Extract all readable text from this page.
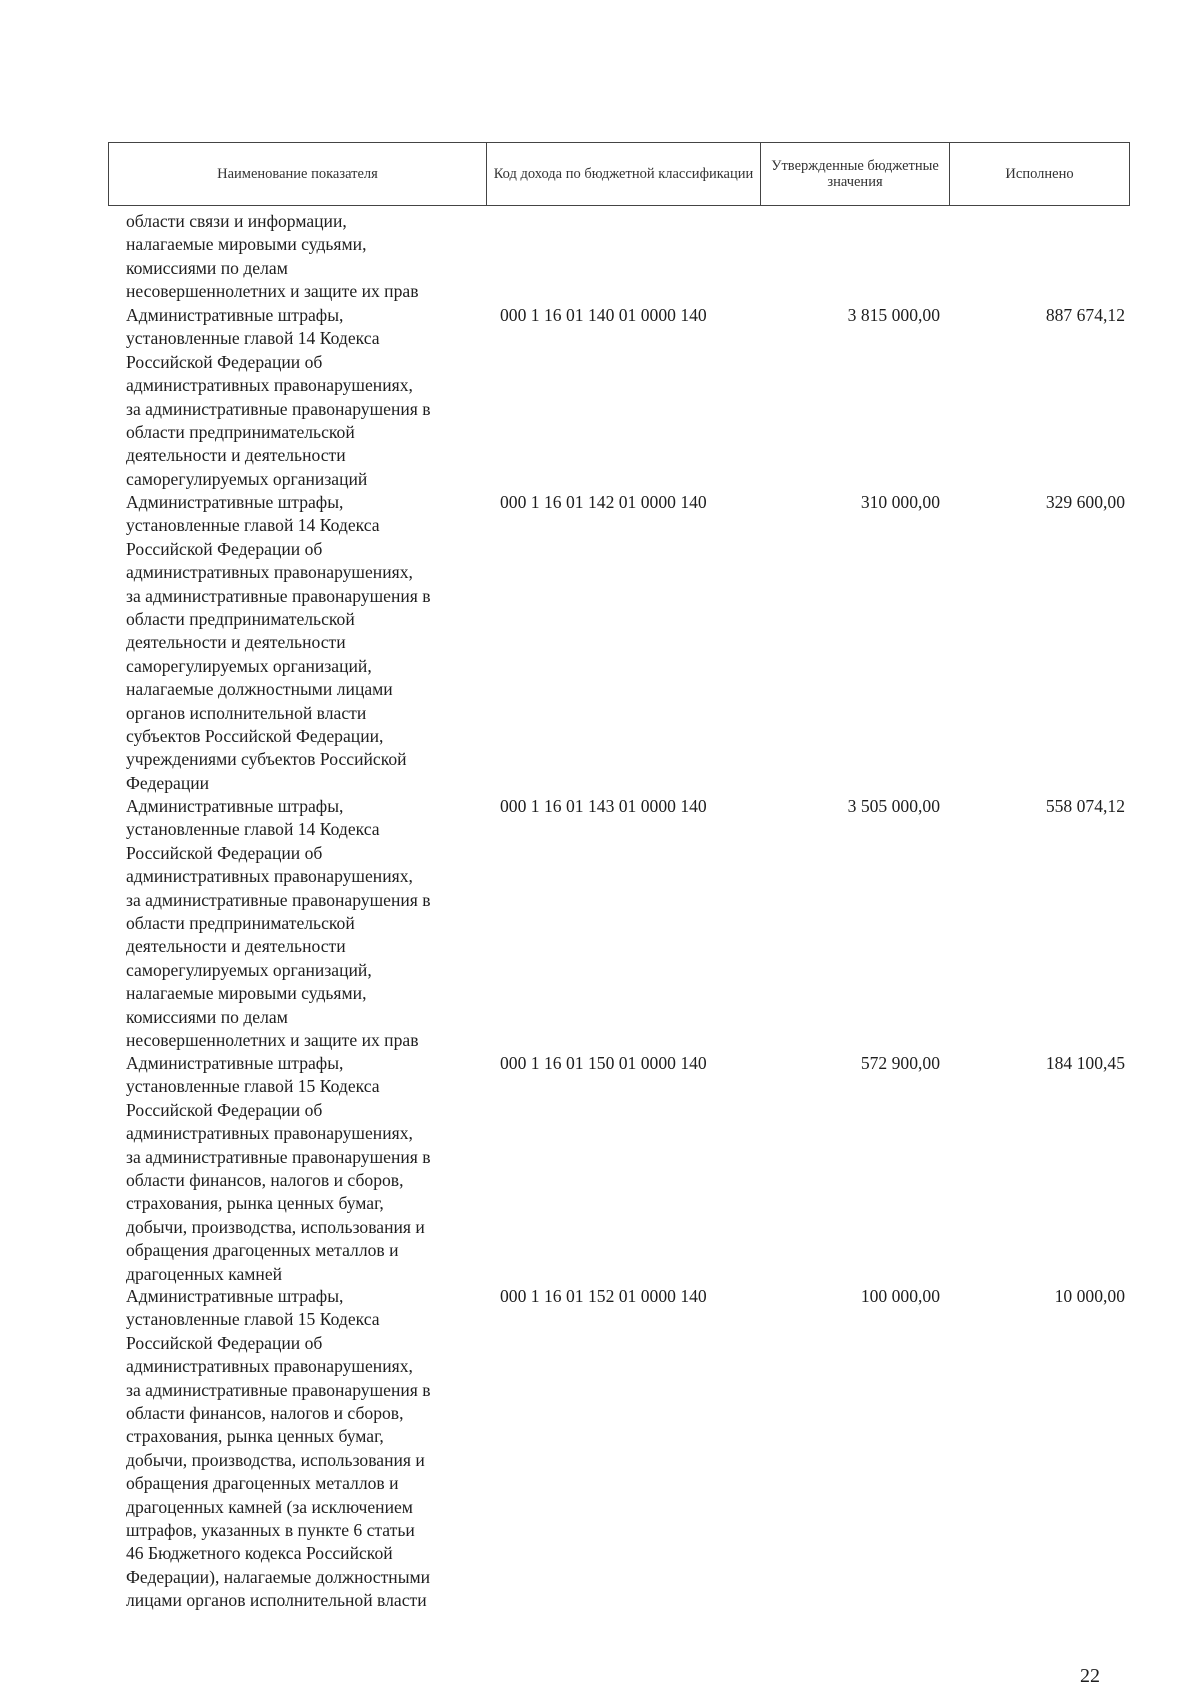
Наименование показателя	Код дохода по бюджетной классификации	Утвержденные бюджетные значения	Исполнено
области связи и информации,
налагаемые мировыми судьями,
комиссиями по делам
несовершеннолетних и защите их прав
Административные штрафы,
установленные главой 14 Кодекса
Российской Федерации об
административных правонарушениях,
за административные правонарушения в
области предпринимательской
деятельности и деятельности
саморегулируемых организаций
000 1 16 01 140 01 0000 140	3 815 000,00	887 674,12
Административные штрафы,
установленные главой 14 Кодекса
Российской Федерации об
административных правонарушениях,
за административные правонарушения в
области предпринимательской
деятельности и деятельности
саморегулируемых организаций,
налагаемые должностными лицами
органов исполнительной власти
субъектов Российской Федерации,
учреждениями субъектов Российской
Федерации
000 1 16 01 142 01 0000 140	310 000,00	329 600,00
Административные штрафы,
установленные главой 14 Кодекса
Российской Федерации об
административных правонарушениях,
за административные правонарушения в
области предпринимательской
деятельности и деятельности
саморегулируемых организаций,
налагаемые мировыми судьями,
комиссиями по делам
несовершеннолетних и защите их прав
000 1 16 01 143 01 0000 140	3 505 000,00	558 074,12
Административные штрафы,
установленные главой 15 Кодекса
Российской Федерации об
административных правонарушениях,
за административные правонарушения в
области финансов, налогов и сборов,
страхования, рынка ценных бумаг,
добычи, производства, использования и
обращения драгоценных металлов и
драгоценных камней
000 1 16 01 150 01 0000 140	572 900,00	184 100,45
Административные штрафы,
установленные главой 15 Кодекса
Российской Федерации об
административных правонарушениях,
за административные правонарушения в
области финансов, налогов и сборов,
страхования, рынка ценных бумаг,
добычи, производства, использования и
обращения драгоценных металлов и
драгоценных камней (за исключением
штрафов, указанных в пункте 6 статьи
46 Бюджетного кодекса Российской
Федерации), налагаемые должностными
лицами органов исполнительной власти
000 1 16 01 152 01 0000 140	100 000,00	10 000,00
22
